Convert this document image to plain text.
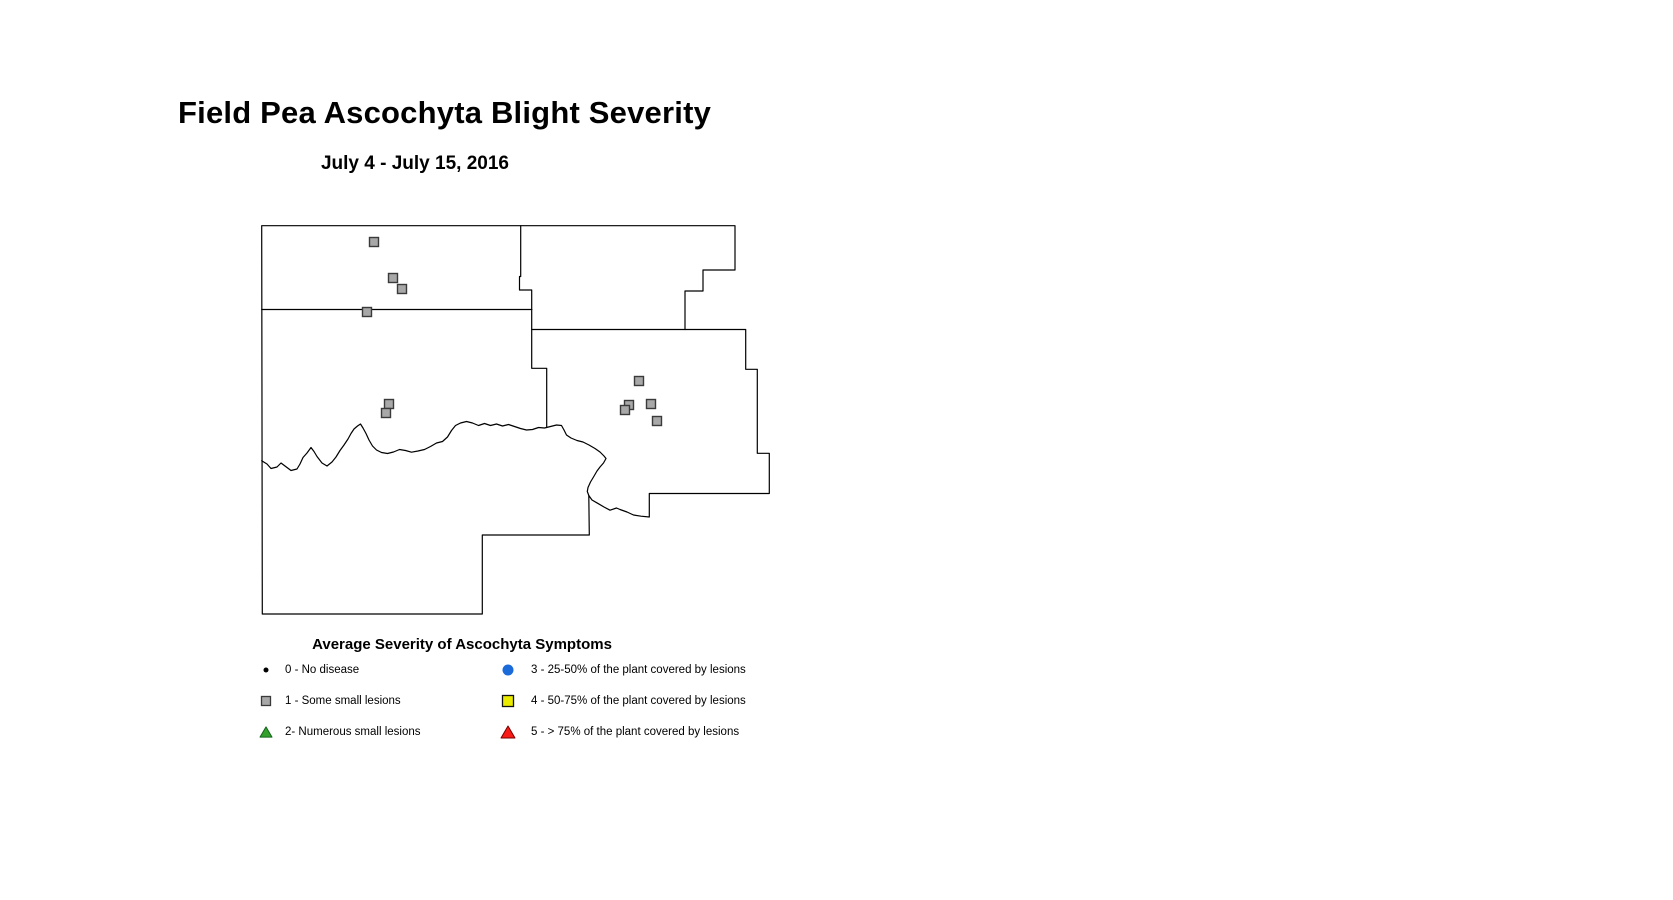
Field Pea Ascochyta Blight Severity
July 4 - July 15, 2016
Average Severity of Ascochyta Symptoms
0 - No disease
1 - Some small lesions
2- Numerous small lesions
3 - 25-50% of the plant covered by lesions
4 - 50-75% of the plant covered by lesions
5 - > 75% of the plant covered by lesions
